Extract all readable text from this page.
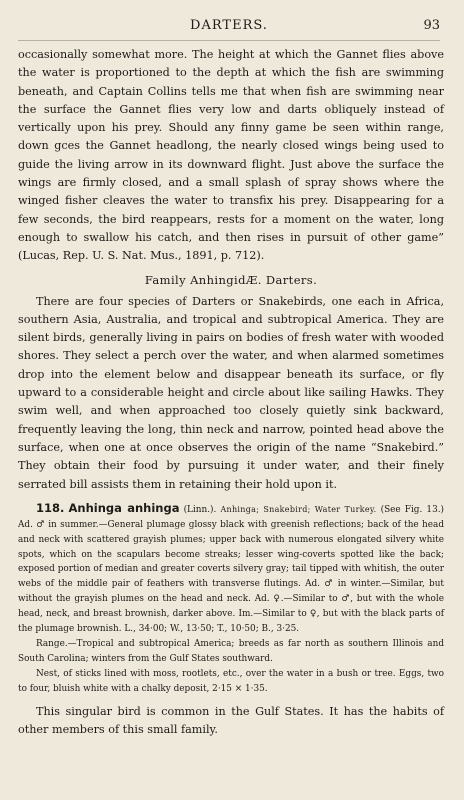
DARTERS.	93

occasionally somewhat more. The height at which the Gannet flies above the water is proportioned to the depth at which the fish are swimming beneath, and Captain Collins tells me that when fish are swimming near the surface the Gannet flies very low and darts obliquely instead of vertically upon his prey. Should any finny game be seen within range, down gces the Gannet headlong, the nearly closed wings being used to guide the living arrow in its downward flight. Just above the surface the wings are firmly closed, and a small splash of spray shows where the winged fisher cleaves the water to transfix his prey. Disappearing for a few seconds, the bird reappears, rests for a moment on the water, long enough to swallow his catch, and then rises in pursuit of other game” (Lucas, Rep. U. S. Nat. Mus., 1891, p. 712).

Family AnhingidÆ. Darters.

There are four species of Darters or Snakebirds, one each in Africa, southern Asia, Australia, and tropical and subtropical America. They are silent birds, generally living in pairs on bodies of fresh water with wooded shores. They select a perch over the water, and when alarmed sometimes drop into the element below and disappear beneath its surface, or fly upward to a considerable height and circle about like sailing Hawks. They swim well, and when approached too closely quietly sink backward, frequently leaving the long, thin neck and narrow, pointed head above the surface, when one at once observes the origin of the name “Snakebird.” They obtain their food by pursuing it under water, and their finely serrated bill assists them in retaining their hold upon it.

118. Anhinga anhinga (Linn.). Anhinga; Snakebird; Water Turkey. (See Fig. 13.) Ad. ♂ in summer.—General plumage glossy black with greenish reflections; back of the head and neck with scattered grayish plumes; upper back with numerous elongated silvery white spots, which on the scapulars become streaks; lesser wing-coverts spotted like the back; exposed portion of median and greater coverts silvery gray; tail tipped with whitish, the outer webs of the middle pair of feathers with transverse flutings. Ad. ♂ in winter.—Similar, but without the grayish plumes on the head and neck. Ad. ♀.—Similar to ♂, but with the whole head, neck, and breast brownish, darker above. Im.—Similar to ♀, but with the black parts of the plumage brownish. L., 34·00; W., 13·50; T., 10·50; B., 3·25.

Range.—Tropical and subtropical America; breeds as far north as southern Illinois and South Carolina; winters from the Gulf States southward.

Nest, of sticks lined with moss, rootlets, etc., over the water in a bush or tree. Eggs, two to four, bluish white with a chalky deposit, 2·15 × 1·35.

This singular bird is common in the Gulf States. It has the habits of other members of this small family.
